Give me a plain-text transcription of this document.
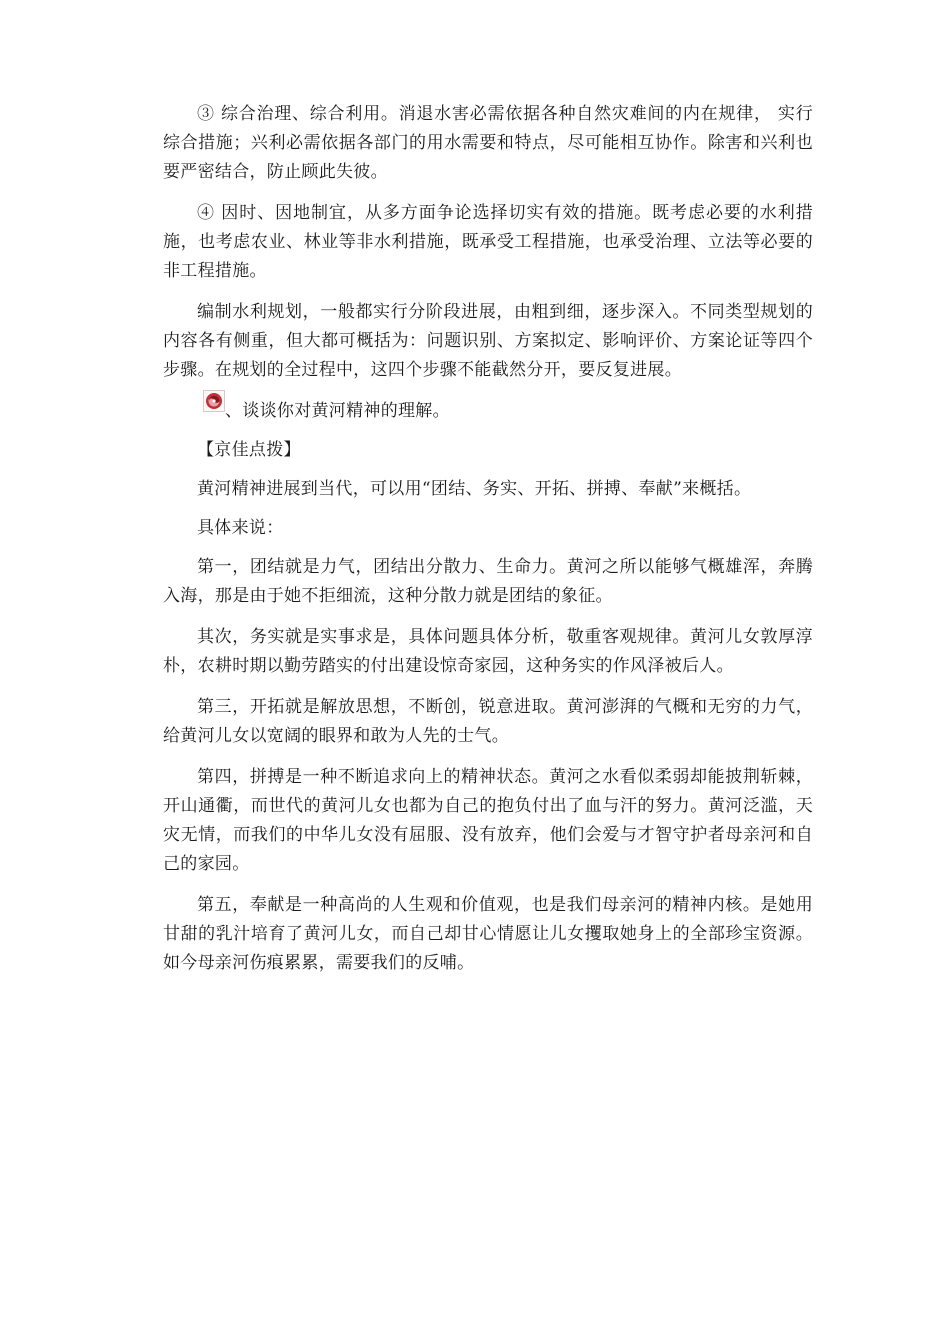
③ 综合治理、综合利用。消退水害必需依据各种自然灾难间的内在规律， 实行综合措施；兴利必需依据各部门的用水需要和特点，尽可能相互协作。除害和兴利也要严密结合，防止顾此失彼。

④ 因时、因地制宜，从多方面争论选择切实有效的措施。既考虑必要的水利措施，也考虑农业、林业等非水利措施，既承受工程措施，也承受治理、立法等必要的非工程措施。

编制水利规划，一般都实行分阶段进展，由粗到细，逐步深入。不同类型规划的内容各有侧重，但大都可概括为：问题识别、方案拟定、影响评价、方案论证等四个步骤。在规划的全过程中，这四个步骤不能截然分开，要反复进展。

、谈谈你对黄河精神的理解。

【京佳点拨】

黄河精神进展到当代，可以用“团结、务实、开拓、拼搏、奉献”来概括。

具体来说：

第一，团结就是力气，团结出分散力、生命力。黄河之所以能够气概雄浑，奔腾入海，那是由于她不拒细流，这种分散力就是团结的象征。

其次，务实就是实事求是，具体问题具体分析，敬重客观规律。黄河儿女敦厚淳朴，农耕时期以勤劳踏实的付出建设惊奇家园，这种务实的作风泽被后人。

第三，开拓就是解放思想，不断创，锐意进取。黄河澎湃的气概和无穷的力气，给黄河儿女以宽阔的眼界和敢为人先的士气。

第四，拼搏是一种不断追求向上的精神状态。黄河之水看似柔弱却能披荆斩棘，开山通衢，而世代的黄河儿女也都为自己的抱负付出了血与汗的努力。黄河泛滥，天灾无情，而我们的中华儿女没有屈服、没有放弃，他们会爱与才智守护者母亲河和自己的家园。

第五，奉献是一种高尚的人生观和价值观，也是我们母亲河的精神内核。是她用甘甜的乳汁培育了黄河儿女，而自己却甘心情愿让儿女攫取她身上的全部珍宝资源。如今母亲河伤痕累累，需要我们的反哺。
